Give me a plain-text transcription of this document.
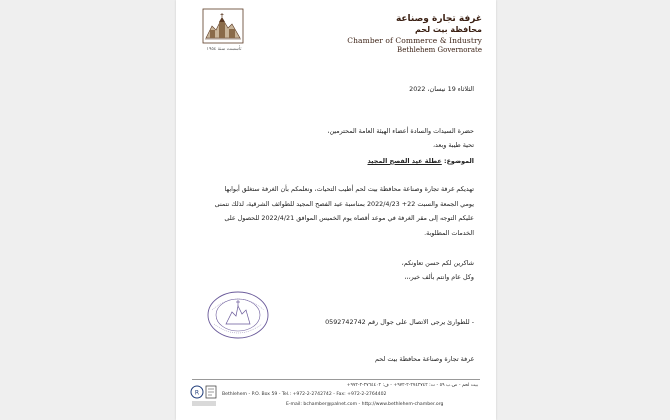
تأسست سنة ١٩٥٤
غرفة تجارة وصناعة
محافظة بيت لحم
Chamber of Commerce & Industry
Bethlehem Governorate
الثلاثاء 19 نيسان، 2022
حضرة السيدات والسادة أعضاء الهيئة العامة المحترمين،
تحية طيبة وبعد،
الموضوع: عطلة عيد الفصح المجيد
تهديكم غرفة تجارة وصناعة محافظة بيت لحم أطيب التحيات، ونعلمكم بأن الغرفة ستغلق أبوابها
يومي الجمعة والسبت 22+ 2022/4/23 بمناسبة عيد الفصح المجيد للطوائف الشرقية، لذلك نتمنى
عليكم التوجه إلى مقر الغرفة في موعد أقصاه يوم الخميس الموافق 2022/4/21 للحصول على
الخدمات المطلوبة.
شاكرين لكم حسن تعاونكم،
وكل عام وانتم بألف خير،،،
- للطوارئ يرجى الاتصال على جوال رقم 0592742742
غرفة تجارة وصناعة محافظة بيت لحم
R
بيت لحم - ص.ب ٥٩ - ت: ٢٧٤٢٧٤٢-٢-٩٧٢+ - ف: ٢٧٦٤٤٠٢-٢-٩٧٢+
Bethlehem - P.O. Box 59 - Tel.: +972-2-2742742 - Fax: +972-2-2764402
E-mail: bchamber@palnet.com - http://www.bethlehem-chamber.org
